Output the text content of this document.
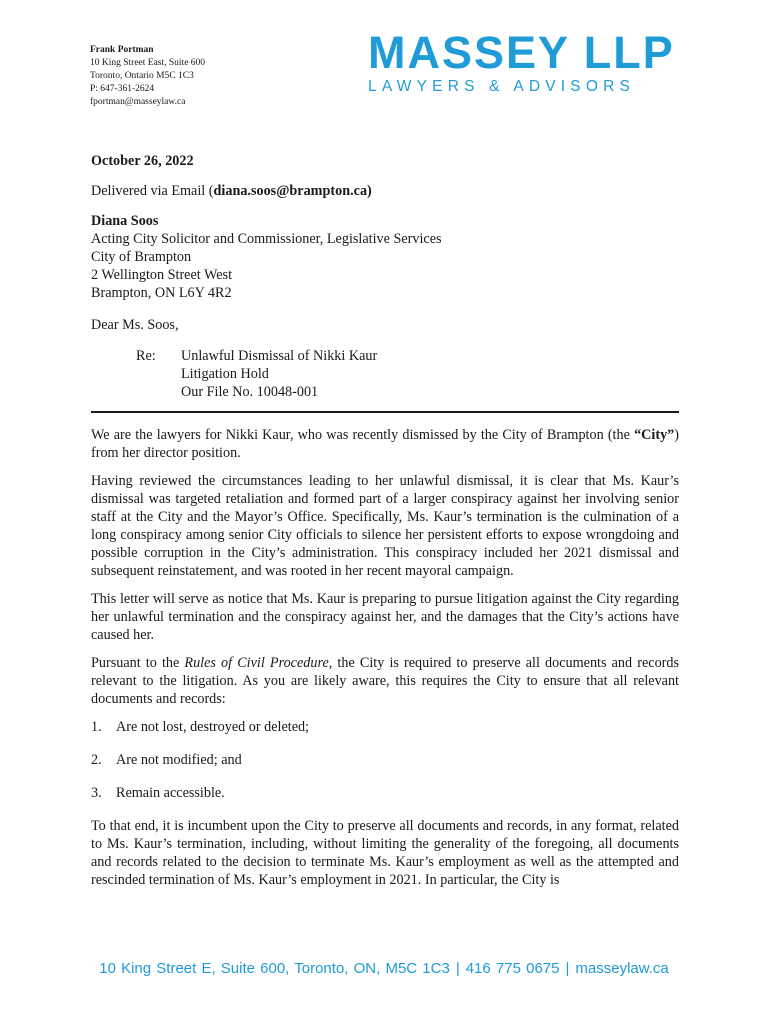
Frank Portman
10 King Street East, Suite 600
Toronto, Ontario M5C 1C3
P: 647-361-2624
fportman@masseylaw.ca
MASSEY LLP
LAWYERS & ADVISORS
October 26, 2022
Delivered via Email (diana.soos@brampton.ca)
Diana Soos
Acting City Solicitor and Commissioner, Legislative Services
City of Brampton
2 Wellington Street West
Brampton, ON L6Y 4R2
Dear Ms. Soos,
Re:	Unlawful Dismissal of Nikki Kaur
Litigation Hold
Our File No. 10048-001

We are the lawyers for Nikki Kaur, who was recently dismissed by the City of Brampton (the “City”) from her director position.

Having reviewed the circumstances leading to her unlawful dismissal, it is clear that Ms. Kaur’s dismissal was targeted retaliation and formed part of a larger conspiracy against her involving senior staff at the City and the Mayor’s Office. Specifically, Ms. Kaur’s termination is the culmination of a long conspiracy among senior City officials to silence her persistent efforts to expose wrongdoing and possible corruption in the City’s administration. This conspiracy included her 2021 dismissal and subsequent reinstatement, and was rooted in her recent mayoral campaign.

This letter will serve as notice that Ms. Kaur is preparing to pursue litigation against the City regarding her unlawful termination and the conspiracy against her, and the damages that the City’s actions have caused her.

Pursuant to the Rules of Civil Procedure, the City is required to preserve all documents and records relevant to the litigation. As you are likely aware, this requires the City to ensure that all relevant documents and records:

1.	Are not lost, destroyed or deleted;
2.	Are not modified; and
3.	Remain accessible.

To that end, it is incumbent upon the City to preserve all documents and records, in any format, related to Ms. Kaur’s termination, including, without limiting the generality of the foregoing, all documents and records related to the decision to terminate Ms. Kaur’s employment as well as the attempted and rescinded termination of Ms. Kaur’s employment in 2021. In particular, the City is

10 King Street E, Suite 600, Toronto, ON, M5C 1C3 | 416 775 0675 | masseylaw.ca
